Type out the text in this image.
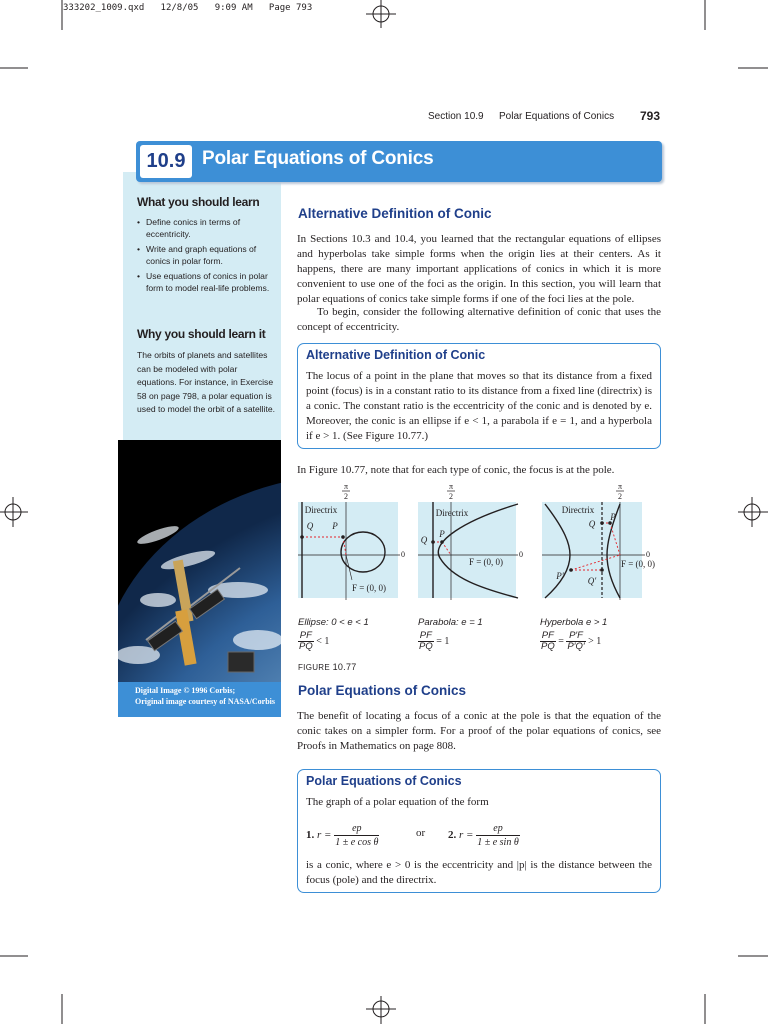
333202_1009.qxd   12/8/05   9:09 AM   Page 793
Section 10.9 Polar Equations of Conics 793
What you should learn
• Define conics in terms of eccentricity.
• Write and graph equations of conics in polar form.
• Use equations of conics in polar form to model real-life problems.
Why you should learn it
The orbits of planets and satellites can be modeled with polar equations. For instance, in Exercise 58 on page 798, a polar equation is used to model the orbit of a satellite.
10.9 Polar Equations of Conics
Digital Image © 1996 Corbis;
Original image courtesy of NASA/Corbis
Alternative Definition of Conic
In Sections 10.3 and 10.4, you learned that the rectangular equations of ellipses and hyperbolas take simple forms when the origin lies at their centers. As it happens, there are many important applications of conics in which it is more convenient to use one of the foci as the origin. In this section, you will learn that polar equations of conics take simple forms if one of the foci lies at the pole.
To begin, consider the following alternative definition of conic that uses the concept of eccentricity.
Alternative Definition of Conic
The locus of a point in the plane that moves so that its distance from a fixed point (focus) is in a constant ratio to its distance from a fixed line (directrix) is a conic. The constant ratio is the eccentricity of the conic and is denoted by e. Moreover, the conic is an ellipse if e < 1, a parabola if e = 1, and a hyperbola if e > 1. (See Figure 10.77.)
In Figure 10.77, note that for each type of conic, the focus is at the pole.
π
2
0
Directrix
Q P
F = (0, 0)
π
2
0
Directrix
Q
P
F = (0, 0)
π
2
0
Directrix
Q
P
P′	Q′
F = (0, 0)
Ellipse: 0 < e < 1
$\frac{PF}{PQ} < 1$
Parabola: e = 1
$\frac{PF}{PQ} = 1$
Hyperbola e > 1
$\frac{PF}{PQ} = \frac{P'F}{P'Q'} > 1$
FIGURE 10.77
Polar Equations of Conics
The benefit of locating a focus of a conic at the pole is that the equation of the conic takes on a simpler form. For a proof of the polar equations of conics, see Proofs in Mathematics on page 808.
Polar Equations of Conics
The graph of a polar equation of the form
1. $r = \frac{ep}{\text{1 ± e cos θ}}$	or 2. $r = \frac{ep}{\text{1 ± e sin θ}}$
is a conic, where e > 0 is the eccentricity and |p| is the distance between the focus (pole) and the directrix.
